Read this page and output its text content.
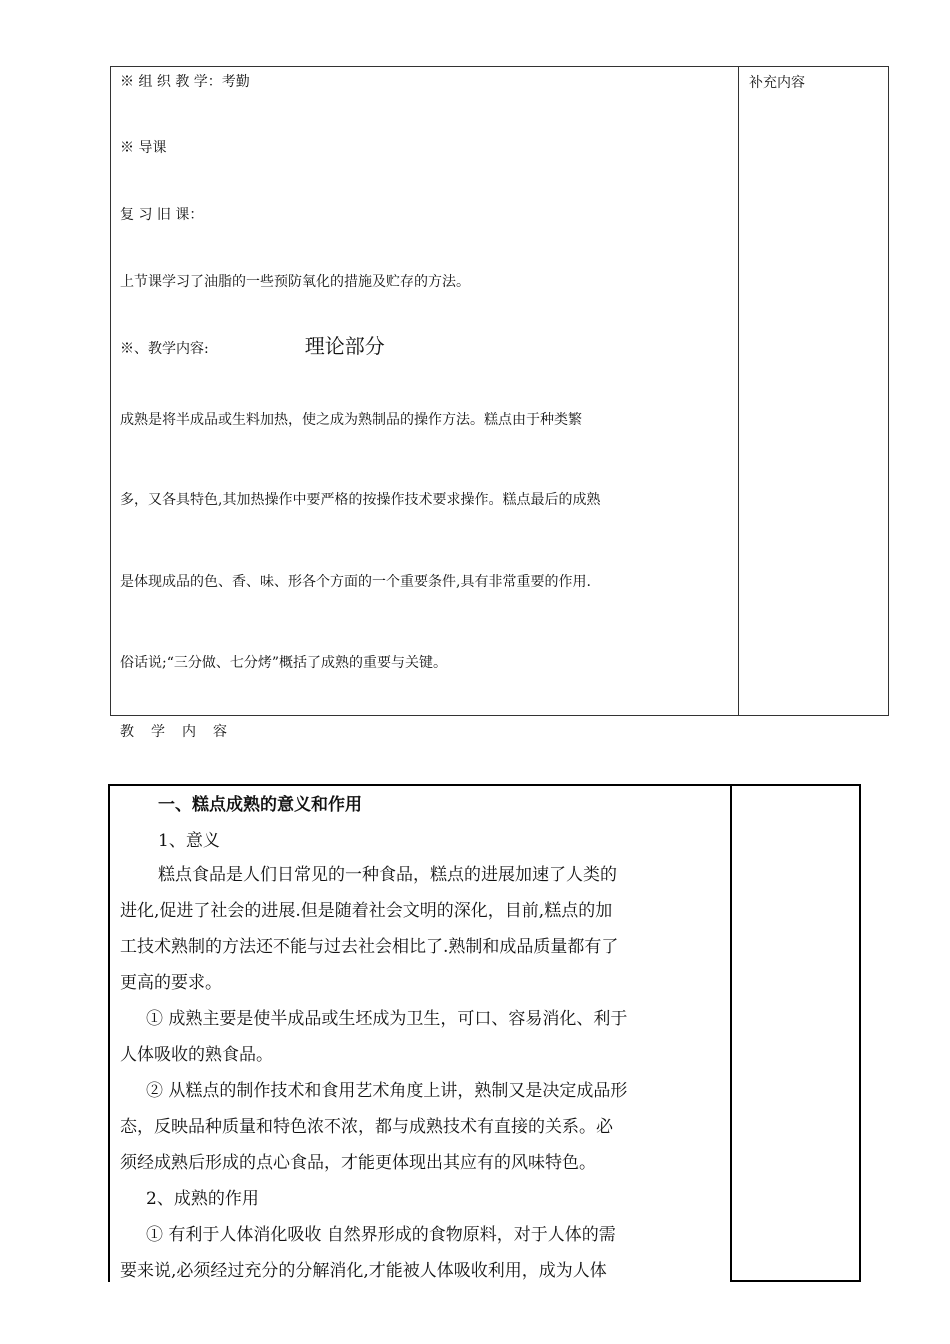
※ 组 织 教 学：考勤
※ 导课
复 习 旧 课：
上节课学习了油脂的一些预防氧化的措施及贮存的方法。
※、教学内容:	理论部分
成熟是将半成品或生料加热，使之成为熟制品的操作方法。糕点由于种类繁
多，又各具特色,其加热操作中要严格的按操作技术要求操作。糕点最后的成熟
是体现成品的色、香、味、形各个方面的一个重要条件,具有非常重要的作用.
俗话说;“三分做、七分烤”概括了成熟的重要与关键。
补充内容
教学内容
一、糕点成熟的意义和作用
1、意义
糕点食品是人们日常见的一种食品，糕点的进展加速了人类的
进化,促进了社会的进展.但是随着社会文明的深化，目前,糕点的加
工技术熟制的方法还不能与过去社会相比了.熟制和成品质量都有了
更高的要求。
① 成熟主要是使半成品或生坯成为卫生，可口、容易消化、利于
人体吸收的熟食品。
② 从糕点的制作技术和食用艺术角度上讲，熟制又是决定成品形
态，反映品种质量和特色浓不浓，都与成熟技术有直接的关系。必
须经成熟后形成的点心食品，才能更体现出其应有的风味特色。
2、成熟的作用
① 有利于人体消化吸收 自然界形成的食物原料，对于人体的需
要来说,必须经过充分的分解消化,才能被人体吸收利用，成为人体
